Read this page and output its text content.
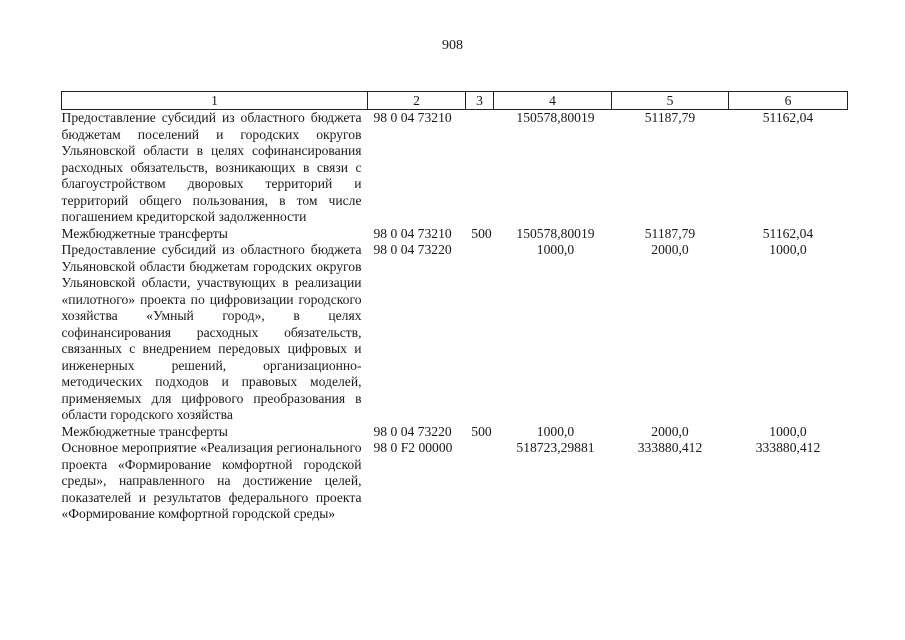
908
1	2	3	4	5	6
Предоставление субсидий из областного бюджета бюджетам поселений и городских округов Ульяновской области в целях софинансирования расходных обязательств, возникающих в связи с благоустройством дворовых территорий и территорий общего пользования, в том числе погашением кредиторской задолженности	98 0 04 73210		150578,80019	51187,79	51162,04
Межбюджетные трансферты	98 0 04 73210	500	150578,80019	51187,79	51162,04
Предоставление субсидий из областного бюджета Ульяновской области бюджетам городских округов Ульяновской области, участвующих в реализации «пилотного» проекта по цифровизации городского хозяйства «Умный город», в целях софинансирования расходных обязательств, связанных с внедрением передовых цифровых и инженерных решений, организационно-методических подходов и правовых моделей, применяемых для цифрового преобразования в области городского хозяйства	98 0 04 73220		1000,0	2000,0	1000,0
Межбюджетные трансферты	98 0 04 73220	500	1000,0	2000,0	1000,0
Основное мероприятие «Реализация регионального проекта «Формирование комфортной городской среды», направленного на достижение целей, показателей и результатов федерального проекта «Формирование комфортной городской среды»	98 0 F2 00000		518723,29881	333880,412	333880,412
